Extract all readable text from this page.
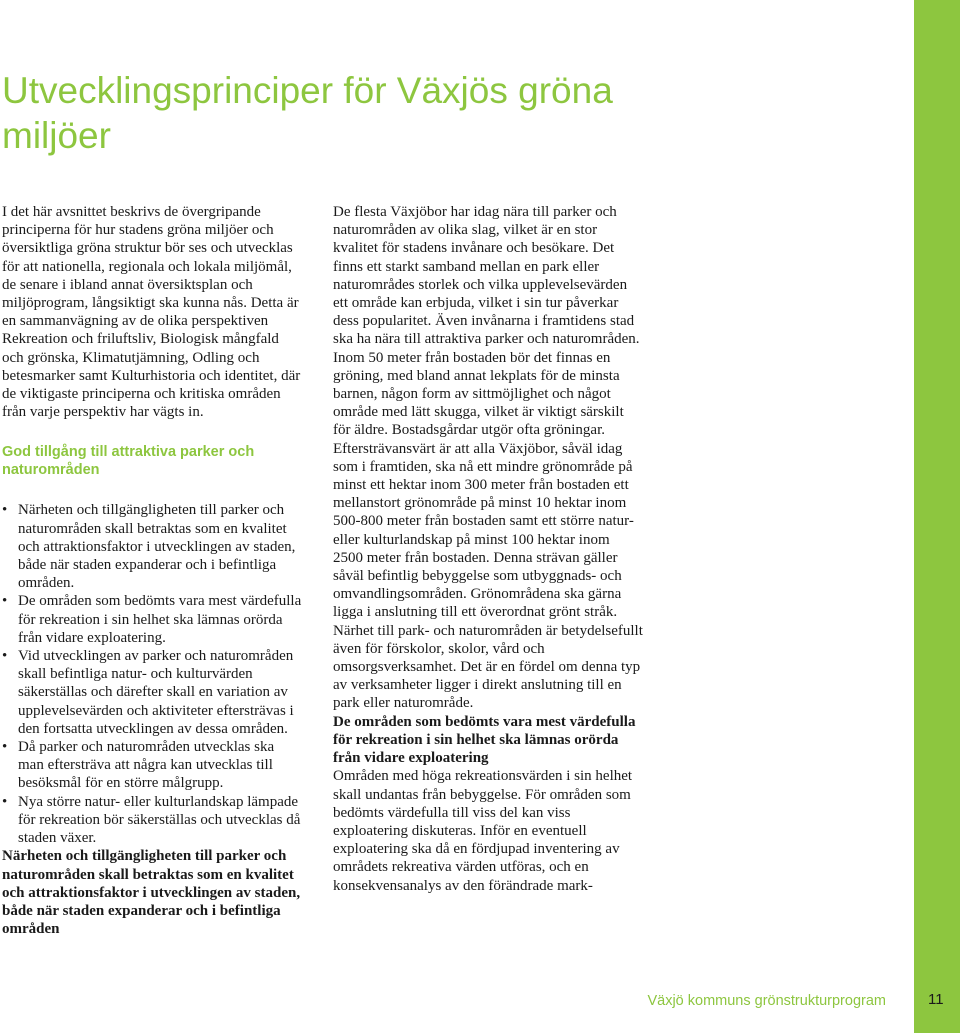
Utvecklingsprinciper för Växjös gröna miljöer

I det här avsnittet beskrivs de övergripande principerna för hur stadens gröna miljöer och översiktliga gröna struktur bör ses och utvecklas för att nationella, regionala och lokala miljömål, de senare i ibland annat översiktsplan och miljöprogram, långsiktigt ska kunna nås. Detta är en sammanvägning av de olika perspektiven Rekreation och friluftsliv, Biologisk mångfald och grönska, Klimatutjämning, Odling och betesmarker samt Kulturhistoria och identitet, där de viktigaste principerna och kritiska områden från varje perspektiv har vägts in.

God tillgång till attraktiva parker och naturområden
• Närheten och tillgängligheten till parker och naturområden skall betraktas som en kvalitet och attraktionsfaktor i utvecklingen av staden, både när staden expanderar och i befintliga områden.
• De områden som bedömts vara mest värdefulla för rekreation i sin helhet ska lämnas orörda från vidare exploatering.
• Vid utvecklingen av parker och naturområden skall befintliga natur- och kulturvärden säkerställas och därefter skall en variation av upplevelsevärden och aktiviteter eftersträvas i den fortsatta utvecklingen av dessa områden.
• Då parker och naturområden utvecklas ska man eftersträva att några kan utvecklas till besöksmål för en större målgrupp.
• Nya större natur- eller kulturlandskap lämpade för rekreation bör säkerställas och utvecklas då staden växer.

Närheten och tillgängligheten till parker och naturområden skall betraktas som en kvalitet och attraktionsfaktor i utvecklingen av staden, både när staden expanderar och i befintliga områden

De flesta Växjöbor har idag nära till parker och naturområden av olika slag, vilket är en stor kvalitet för stadens invånare och besökare. Det finns ett starkt samband mellan en park eller naturområdes storlek och vilka upplevelsevärden ett område kan erbjuda, vilket i sin tur påverkar dess popularitet. Även invånarna i framtidens stad ska ha nära till attraktiva parker och naturområden. Inom 50 meter från bostaden bör det finnas en gröning, med bland annat lekplats för de minsta barnen, någon form av sittmöjlighet och något område med lätt skugga, vilket är viktigt särskilt för äldre. Bostadsgårdar utgör ofta gröningar. Eftersträvansvärt är att alla Växjöbor, såväl idag som i framtiden, ska nå ett mindre grönområde på minst ett hektar inom 300 meter från bostaden ett mellanstort grönområde på minst 10 hektar inom 500-800 meter från bostaden samt ett större natur- eller kulturlandskap på minst 100 hektar inom 2500 meter från bostaden. Denna strävan gäller såväl befintlig bebyggelse som utbyggnads- och omvandlingsområden. Grönområdena ska gärna ligga i anslutning till ett överordnat grönt stråk.

Närhet till park- och naturområden är betydelsefullt även för förskolor, skolor, vård och omsorgsverksamhet. Det är en fördel om denna typ av verksamheter ligger i direkt anslutning till en park eller naturområde.

De områden som bedömts vara mest värdefulla för rekreation i sin helhet ska lämnas orörda från vidare exploatering

Områden med höga rekreationsvärden i sin helhet skall undantas från bebyggelse. För områden som bedömts värdefulla till viss del kan viss exploatering diskuteras. Inför en eventuell exploatering ska då en fördjupad inventering av områdets rekreativa värden utföras, och en konsekvensanalys av den förändrade mark-

Växjö kommuns grönstrukturprogram	11
